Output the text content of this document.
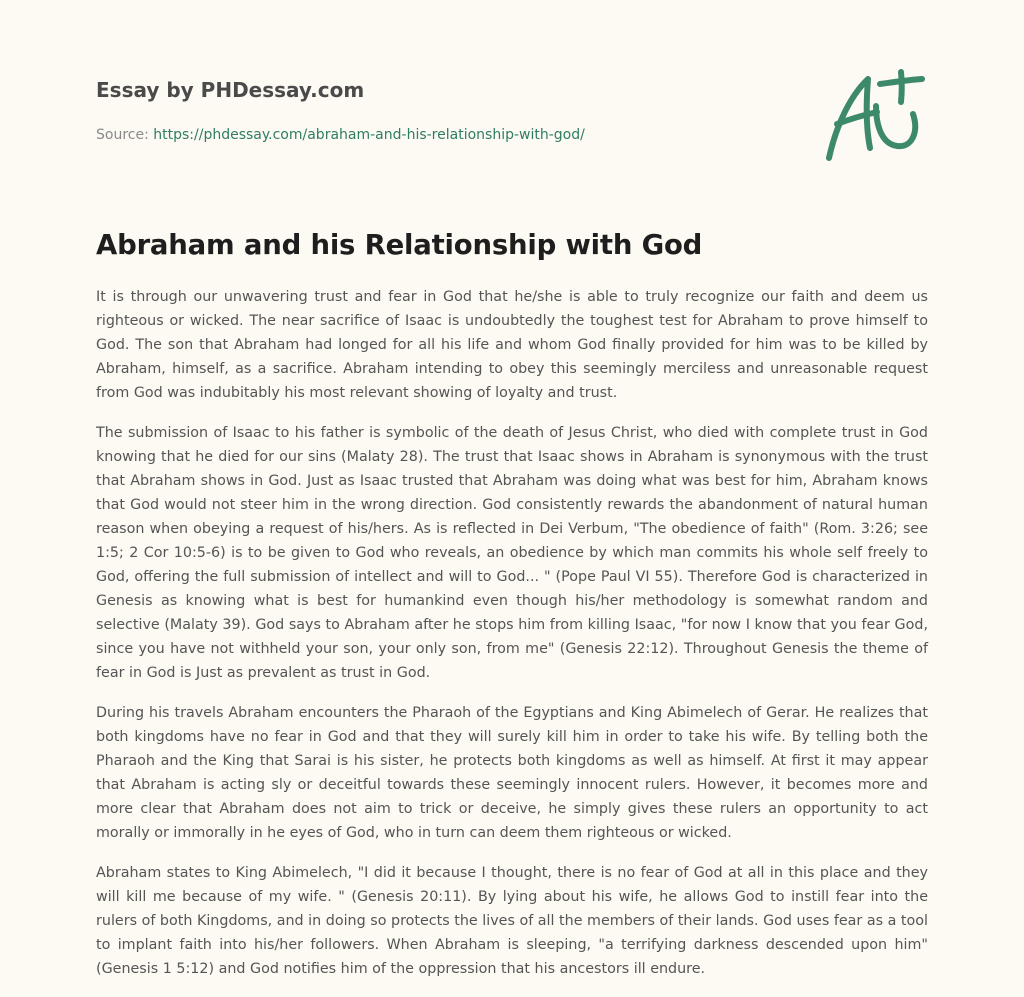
Essay by PHDessay.com
Source: https://phdessay.com/abraham-and-his-relationship-with-god/
Abraham and his Relationship with God

It is through our unwavering trust and fear in God that he/she is able to truly recognize our faith and deem us righteous or wicked. The near sacrifice of Isaac is undoubtedly the toughest test for Abraham to prove himself to God. The son that Abraham had longed for all his life and whom God finally provided for him was to be killed by Abraham, himself, as a sacrifice. Abraham intending to obey this seemingly merciless and unreasonable request from God was indubitably his most relevant showing of loyalty and trust.

The submission of Isaac to his father is symbolic of the death of Jesus Christ, who died with complete trust in God knowing that he died for our sins (Malaty 28). The trust that Isaac shows in Abraham is synonymous with the trust that Abraham shows in God. Just as Isaac trusted that Abraham was doing what was best for him, Abraham knows that God would not steer him in the wrong direction. God consistently rewards the abandonment of natural human reason when obeying a request of his/hers. As is reflected in Dei Verbum, "The obedience of faith" (Rom. 3:26; see 1:5; 2 Cor 10:5-6) is to be given to God who reveals, an obedience by which man commits his whole self freely to God, offering the full submission of intellect and will to God... " (Pope Paul VI 55). Therefore God is characterized in Genesis as knowing what is best for humankind even though his/her methodology is somewhat random and selective (Malaty 39). God says to Abraham after he stops him from killing Isaac, "for now I know that you fear God, since you have not withheld your son, your only son, from me" (Genesis 22:12). Throughout Genesis the theme of fear in God is Just as prevalent as trust in God.

During his travels Abraham encounters the Pharaoh of the Egyptians and King Abimelech of Gerar. He realizes that both kingdoms have no fear in God and that they will surely kill him in order to take his wife. By telling both the Pharaoh and the King that Sarai is his sister, he protects both kingdoms as well as himself. At first it may appear that Abraham is acting sly or deceitful towards these seemingly innocent rulers. However, it becomes more and more clear that Abraham does not aim to trick or deceive, he simply gives these rulers an opportunity to act morally or immorally in he eyes of God, who in turn can deem them righteous or wicked.

Abraham states to King Abimelech, "I did it because I thought, there is no fear of God at all in this place and they will kill me because of my wife. " (Genesis 20:11). By lying about his wife, he allows God to instill fear into the rulers of both Kingdoms, and in doing so protects the lives of all the members of their lands. God uses fear as a tool to implant faith into his/her followers. When Abraham is sleeping, "a terrifying darkness descended upon him" (Genesis 1 5:12) and God notifies him of the oppression that his ancestors ill endure.
